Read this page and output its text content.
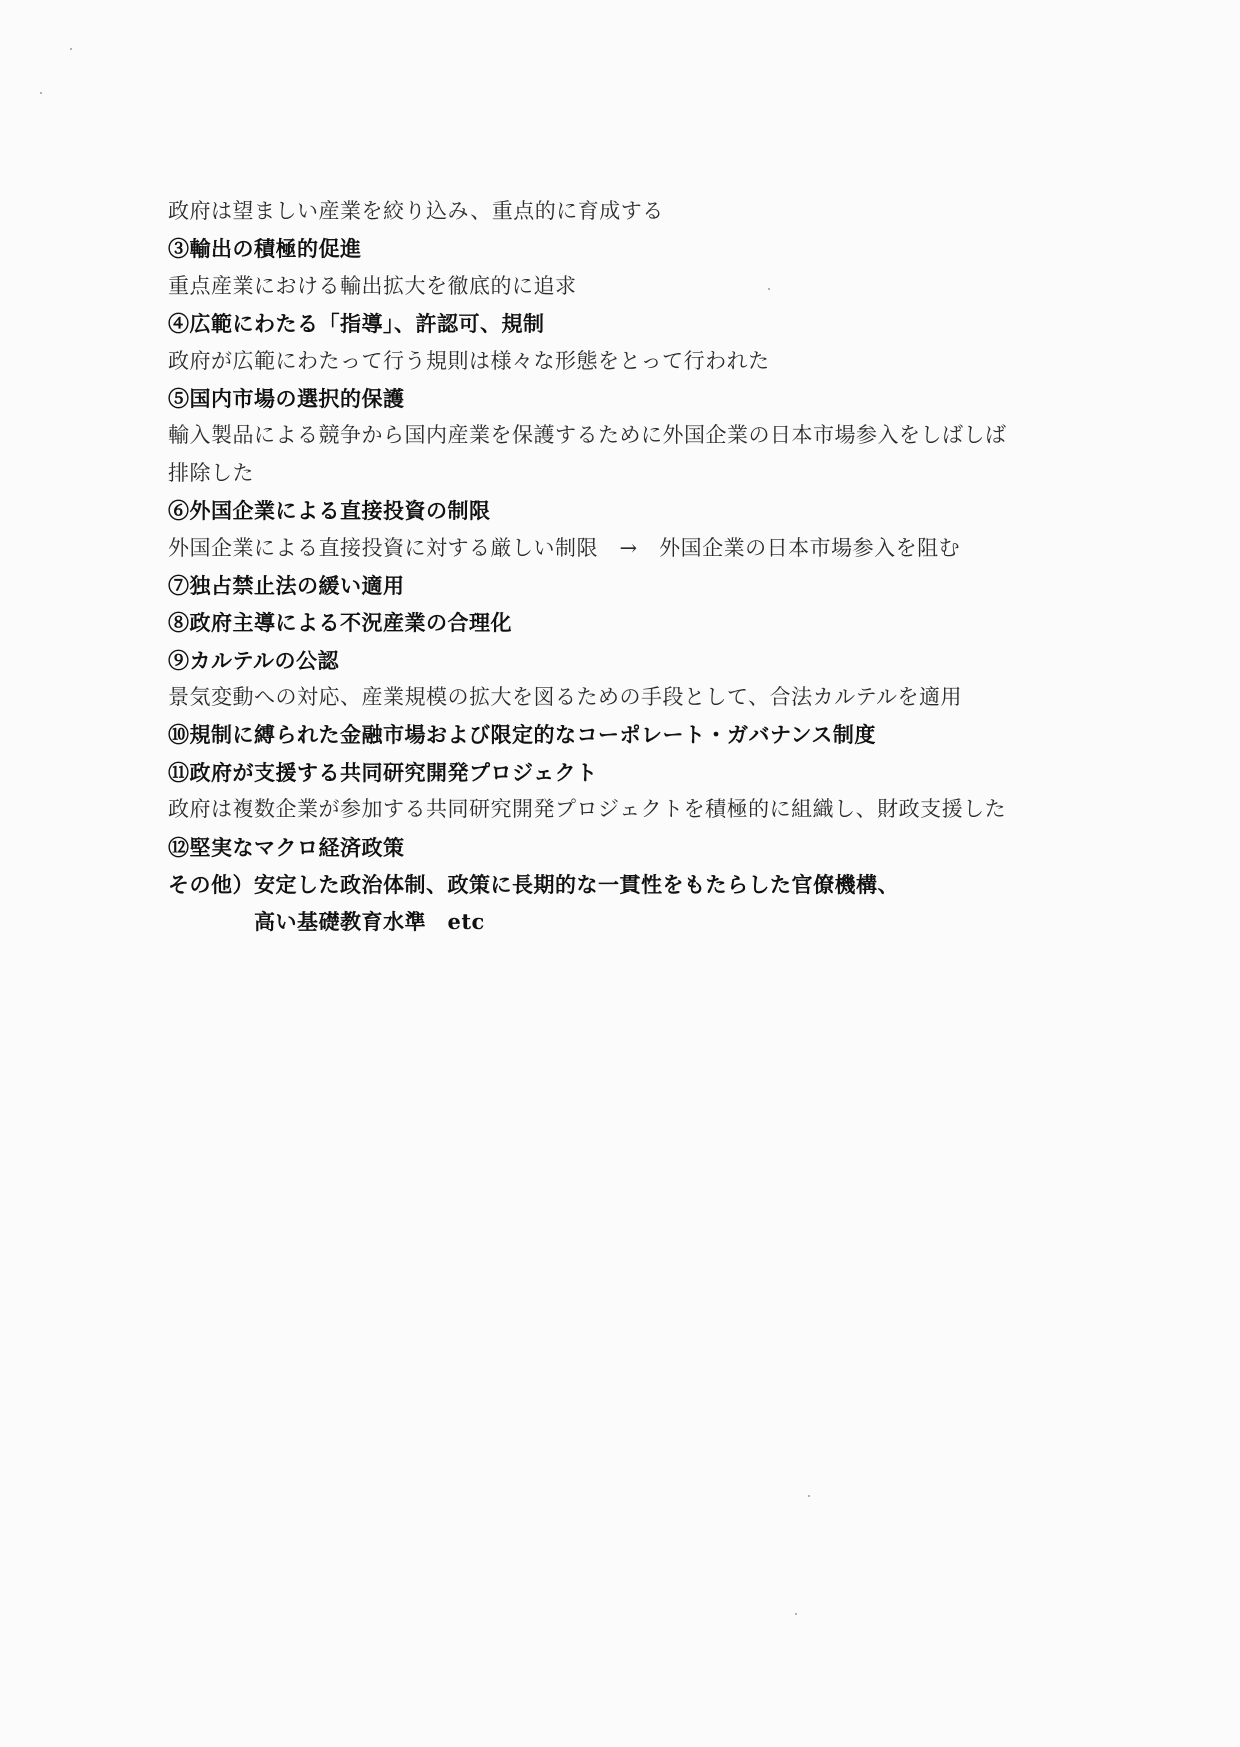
政府は望ましい産業を絞り込み、重点的に育成する
③輸出の積極的促進
重点産業における輸出拡大を徹底的に追求
④広範にわたる「指導」、許認可、規制
政府が広範にわたって行う規則は様々な形態をとって行われた
⑤国内市場の選択的保護
輸入製品による競争から国内産業を保護するために外国企業の日本市場参入をしばしば
排除した
⑥外国企業による直接投資の制限
外国企業による直接投資に対する厳しい制限　→　外国企業の日本市場参入を阻む
⑦独占禁止法の緩い適用
⑧政府主導による不況産業の合理化
⑨カルテルの公認
景気変動への対応、産業規模の拡大を図るための手段として、合法カルテルを適用
⑩規制に縛られた金融市場および限定的なコーポレート・ガバナンス制度
⑪政府が支援する共同研究開発プロジェクト
政府は複数企業が参加する共同研究開発プロジェクトを積極的に組織し、財政支援した
⑫堅実なマクロ経済政策
その他） 安定した政治体制、政策に長期的な一貫性をもたらした官僚機構、
高い基礎教育水準　etc
